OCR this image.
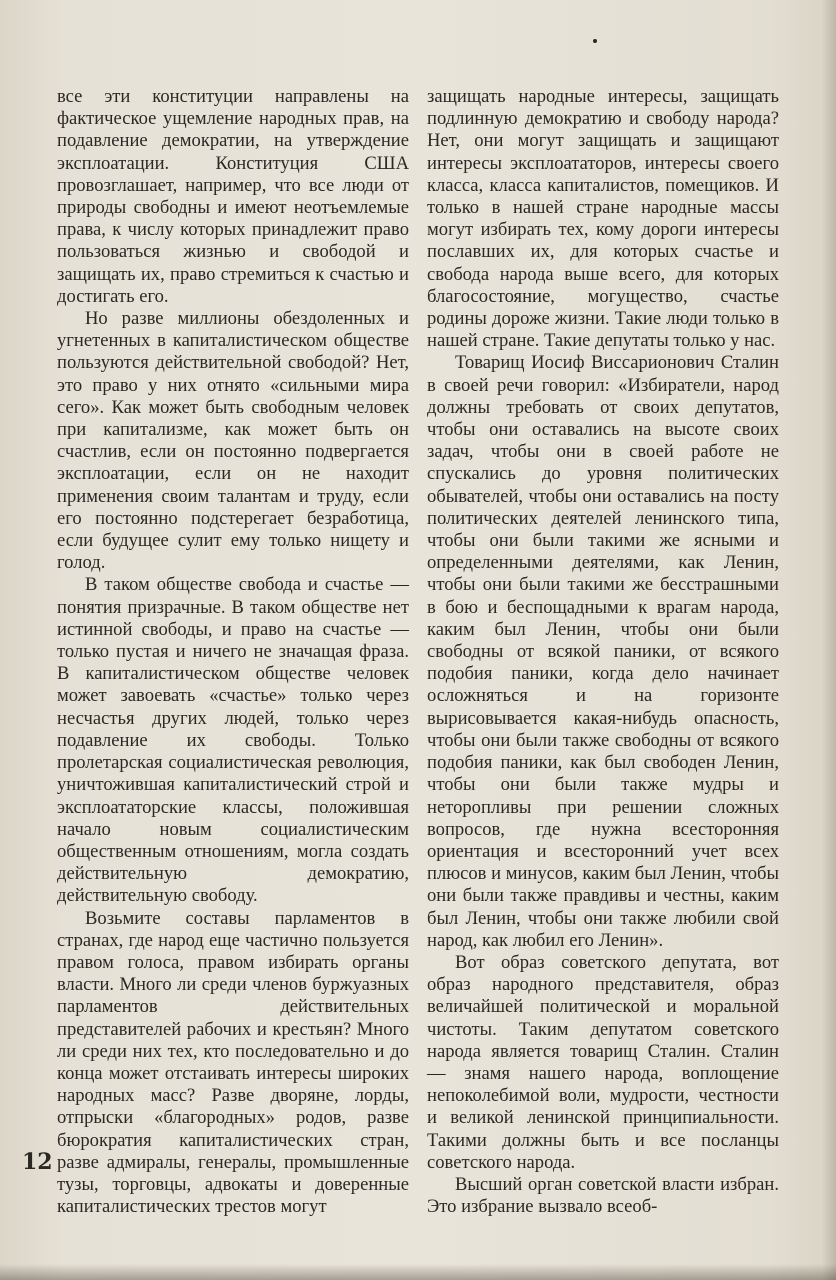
все эти конституции направлены на фактическое ущемление народных прав, на подавление демократии, на утверждение эксплоатации. Конституция США провозглашает, например, что все люди от природы свободны и имеют неотъемлемые права, к числу которых принадлежит право пользоваться жизнью и свободой и защищать их, право стремиться к счастью и достигать его.

Но разве миллионы обездоленных и угнетенных в капиталистическом обществе пользуются действительной свободой? Нет, это право у них отнято «сильными мира сего». Как может быть свободным человек при капитализме, как может быть он счастлив, если он постоянно подвергается эксплоатации, если он не находит применения своим талантам и труду, если его постоянно подстерегает безработица, если будущее сулит ему только нищету и голод.

В таком обществе свобода и счастье — понятия призрачные. В таком обществе нет истинной свободы, и право на счастье — только пустая и ничего не значащая фраза. В капиталистическом обществе человек может завоевать «счастье» только через несчастья других людей, только через подавление их свободы. Только пролетарская социалистическая революция, уничтожившая капиталистический строй и эксплоататорские классы, положившая начало новым социалистическим общественным отношениям, могла создать действительную демократию, действительную свободу.

Возьмите составы парламентов в странах, где народ еще частично пользуется правом голоса, правом избирать органы власти. Много ли среди членов буржуазных парламентов действительных представителей рабочих и крестьян? Много ли среди них тех, кто последовательно и до конца может отстаивать интересы широких народных масс? Разве дворяне, лорды, отпрыски «благородных» родов, разве бюрократия капиталистических стран, разве адмиралы, генералы, промышленные тузы, торговцы, адвокаты и доверенные капиталистических трестов могут

защищать народные интересы, защищать подлинную демократию и свободу народа? Нет, они могут защищать и защищают интересы эксплоататоров, интересы своего класса, класса капиталистов, помещиков. И только в нашей стране народные массы могут избирать тех, кому дороги интересы пославших их, для которых счастье и свобода народа выше всего, для которых благосостояние, могущество, счастье родины дороже жизни. Такие люди только в нашей стране. Такие депутаты только у нас.

Товарищ Иосиф Виссарионович Сталин в своей речи говорил: «Избиратели, народ должны требовать от своих депутатов, чтобы они оставались на высоте своих задач, чтобы они в своей работе не спускались до уровня политических обывателей, чтобы они оставались на посту политических деятелей ленинского типа, чтобы они были такими же ясными и определенными деятелями, как Ленин, чтобы они были такими же бесстрашными в бою и беспощадными к врагам народа, каким был Ленин, чтобы они были свободны от всякой паники, от всякого подобия паники, когда дело начинает осложняться и на горизонте вырисовывается какая-нибудь опасность, чтобы они были также свободны от всякого подобия паники, как был свободен Ленин, чтобы они были также мудры и неторопливы при решении сложных вопросов, где нужна всесторонняя ориентация и всесторонний учет всех плюсов и минусов, каким был Ленин, чтобы они были также правдивы и честны, каким был Ленин, чтобы они также любили свой народ, как любил его Ленин».

Вот образ советского депутата, вот образ народного представителя, образ величайшей политической и моральной чистоты. Таким депутатом советского народа является товарищ Сталин. Сталин — знамя нашего народа, воплощение непоколебимой воли, мудрости, честности и великой ленинской принципиальности. Такими должны быть и все посланцы советского народа.

Высший орган советской власти избран. Это избрание вызвало всеоб-

12
